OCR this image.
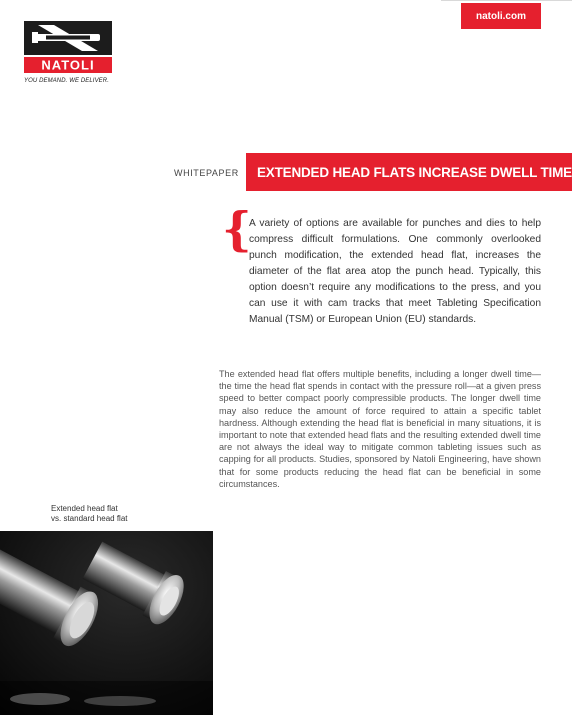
natoli.com
NATOLI
YOU DEMAND. WE DELIVER.
WHITEPAPER	EXTENDED HEAD FLATS INCREASE DWELL TIME
{

A variety of options are available for punches and dies to help compress difficult formulations. One commonly overlooked punch modification, the extended head flat, increases the diameter of the flat area atop the punch head. Typically, this option doesn’t require any modifications to the press, and you can use it with cam tracks that meet Tableting Specification Manual (TSM) or European Union (EU) standards.

The extended head flat offers multiple benefits, including a longer dwell time—the time the head flat spends in contact with the pressure roll—at a given press speed to better compact poorly compressible products. The longer dwell time may also reduce the amount of force required to attain a specific tablet hardness. Although extending the head flat is beneficial in many situations, it is important to note that extended head flats and the resulting extended dwell time are not always the ideal way to mitigate common tableting issues such as capping for all products. Studies, sponsored by Natoli Engineering, have shown that for some products reducing the head flat can be beneficial in some circumstances.

Extended head flat
vs. standard head flat
